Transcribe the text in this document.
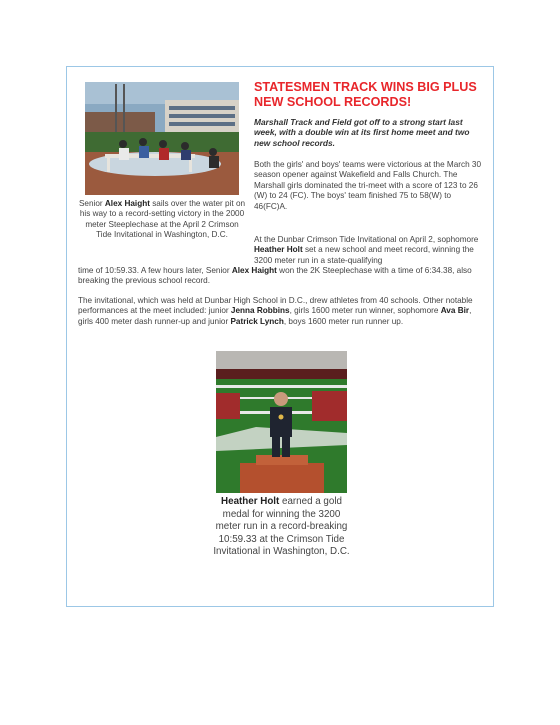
Senior Alex Haight sails over the water pit on his way to a record-setting victory in the 2000 meter Steeplechase at the April 2 Crimson Tide Invitational in Washington, D.C.
STATESMEN TRACK WINS BIG PLUS NEW SCHOOL RECORDS!
Marshall Track and Field got off to a strong start last week, with a double win at its first home meet and two new school records.

Both the girls' and boys' teams were victorious at the March 30 season opener against Wakefield and Falls Church. The Marshall girls dominated the tri-meet with a score of 123 to 26 (W) to 24 (FC). The boys' team finished 75 to 58(W) to 46(FC)A.

At the Dunbar Crimson Tide Invitational on April 2, sophomore Heather Holt set a new school and meet record, winning the 3200 meter run in a state-qualifying

time of 10:59.33. A few hours later, Senior Alex Haight won the 2K Steeplechase with a time of 6:34.38, also breaking the previous school record.

The invitational, which was held at Dunbar High School in D.C., drew athletes from 40 schools. Other notable performances at the meet included: junior Jenna Robbins, girls 1600 meter run winner, sophomore Ava Bir, girls 400 meter dash runner-up and junior Patrick Lynch, boys 1600 meter run runner up.

Heather Holt earned a gold medal for winning the 3200 meter run in a record-breaking 10:59.33 at the Crimson Tide Invitational in Washington, D.C.
